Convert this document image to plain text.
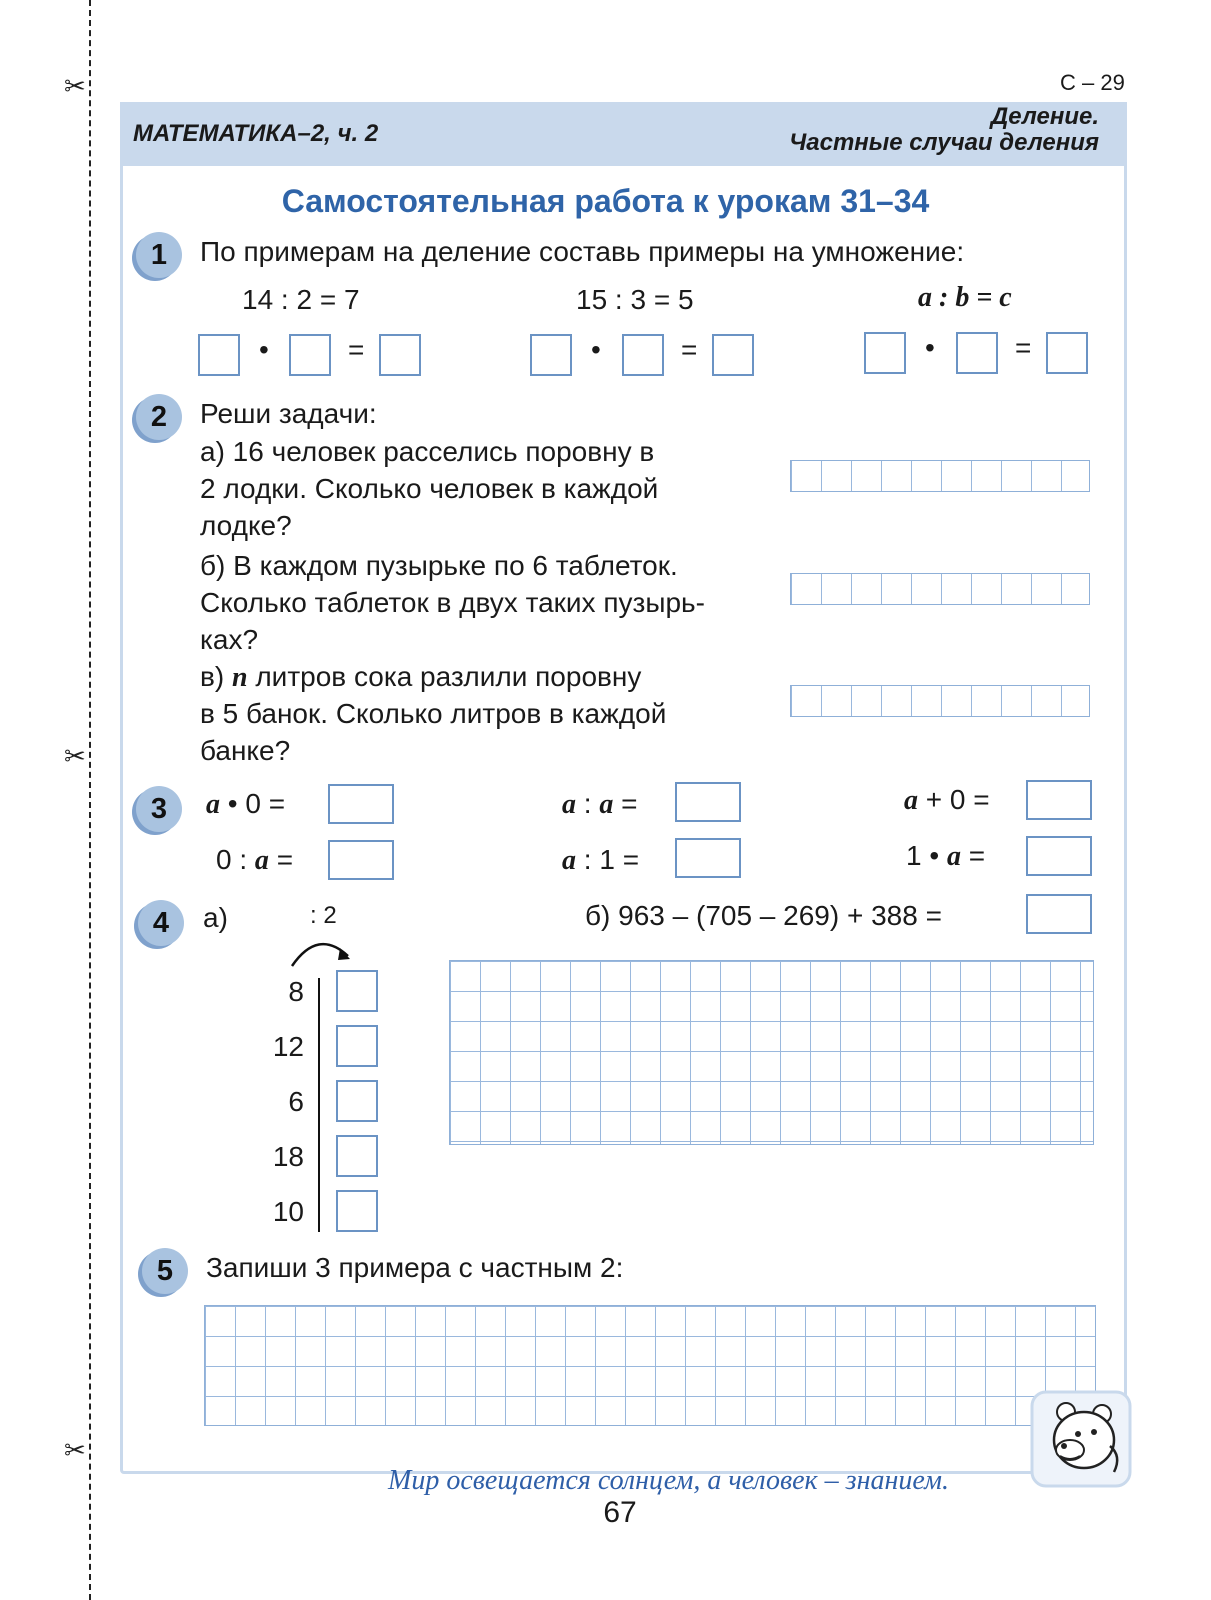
✂
✂
✂
С – 29
МАТЕМАТИКА–2, ч. 2
Деление.
Частные случаи деления
Самостоятельная работа к урокам 31–34
1	По примерам на деление составь примеры на умножение:
14 : 2 = 7	15 : 3 = 5	a : b = c
•	=	•	=	•	=
2	Реши задачи:
а) 16 человек расселись поровну в
2 лодки. Сколько человек в каждой
лодке?
б) В каждом пузырьке по 6 таблеток.
Сколько таблеток в двух таких пузырь-
ках?
в) n литров сока разлили поровну
в 5 банок. Сколько литров в каждой
банке?
3	a • 0 =	a : a =	a + 0 =
0 : a =	a : 1 =	1 • a =
4	а)	: 2
8
12
6
18
10
б) 963 – (705 – 269) + 388 =
5	Запиши 3 примера с частным 2:
Мир освещается солнцем, а человек – знанием.
67
